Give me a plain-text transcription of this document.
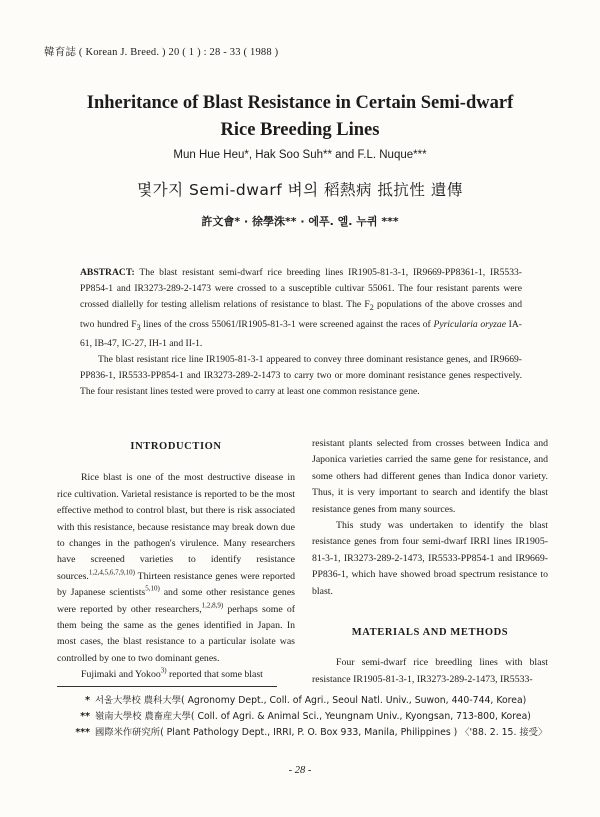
韓育誌 ( Korean J. Breed. ) 20 ( 1 ) : 28 - 33 ( 1988 )
Inheritance of Blast Resistance in Certain Semi-dwarf
Rice Breeding Lines
Mun Hue Heu*, Hak Soo Suh** and F.L. Nuque***
몇가지 Semi-dwarf 벼의 稻熱病 抵抗性 遺傳
許文會* · 徐學洙** · 에푸. 엘. 누퀴 ***

ABSTRACT: The blast resistant semi-dwarf rice breeding lines IR1905-81-3-1, IR9669-PP8361-1, IR5533-PP854-1 and IR3273-289-2-1473 were crossed to a susceptible cultivar 55061. The four resistant parents were crossed diallelly for testing allelism relations of resistance to blast. The $F_2$ populations of the above crosses and two hundred $F_3$ lines of the cross 55061/IR1905-81-3-1 were screened against the races of Pyricularia oryzae IA-61, IB-47, IC-27, IH-1 and II-1.

The blast resistant rice line IR1905-81-3-1 appeared to convey three dominant resistance genes, and IR9669-PP836-1, IR5533-PP854-1 and IR3273-289-2-1473 to carry two or more dominant resistance genes respectively. The four resistant lines tested were proved to carry at least one common resistance gene.

INTRODUCTION

Rice blast is one of the most destructive disease in rice cultivation. Varietal resistance is reported to be the most effective method to control blast, but there is risk associated with this resistance, because resistance may break down due to changes in the pathogen's virulence. Many researchers have screened varieties to identify resistance sources.$^{1,2,4,5,6,7,9,10)}$ Thirteen resistance genes were reported by Japanese scientists$^{5,10)}$ and some other resistance genes were reported by other researchers,$^{1,2,8,9)}$ perhaps some of them being the same as the genes identified in Japan. In most cases, the blast resistance to a particular isolate was controlled by one to two dominant genes.

Fujimaki and Yokoo$^{3)}$ reported that some blast

resistant plants selected from crosses between Indica and Japonica varieties carried the same gene for resistance, and some others had different genes than Indica donor variety. Thus, it is very important to search and identify the blast resistance genes from many sources.

This study was undertaken to identify the blast resistance genes from four semi-dwarf IRRI lines IR1905-81-3-1, IR3273-289-2-1473, IR5533-PP854-1 and IR9669-PP836-1, which have showed broad spectrum resistance to blast.

MATERIALS AND METHODS

Four semi-dwarf rice breedling lines with blast resistance IR1905-81-3-1, IR3273-289-2-1473, IR5533-

* 서울大學校 農科大學( Agronomy Dept., Coll. of Agri., Seoul Natl. Univ., Suwon, 440-744, Korea)
** 嶺南大學校 農畜産大學( Coll. of Agri. & Animal Sci., Yeungnam Univ., Kyongsan, 713-800, Korea)
*** 國際米作硏究所( Plant Pathology Dept., IRRI, P. O. Box 933, Manila, Philippines ) 〈'88. 2. 15. 接受〉
- 28 -
